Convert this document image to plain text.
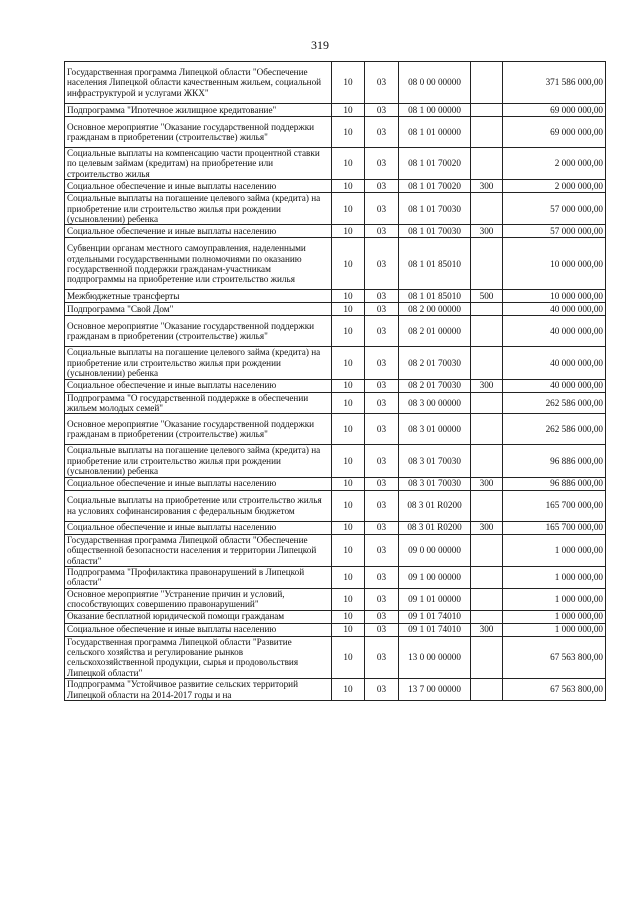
319
Государственная программа Липецкой области "Обеспечение населения Липецкой области качественным жильем, социальной инфраструктурой и услугами ЖКХ"	10	03	08 0 00 00000		371 586 000,00
Подпрограмма "Ипотечное жилищное кредитование"	10	03	08 1 00 00000		69 000 000,00
Основное мероприятие "Оказание государственной поддержки гражданам в приобретении (строительстве) жилья"	10	03	08 1 01 00000		69 000 000,00
Социальные выплаты на компенсацию части процентной ставки по целевым займам (кредитам) на приобретение или строительство жилья	10	03	08 1 01 70020		2 000 000,00
Социальное обеспечение и иные выплаты населению	10	03	08 1 01 70020	300	2 000 000,00
Социальные выплаты на погашение целевого займа (кредита) на приобретение или строительство жилья при рождении (усыновлении) ребенка	10	03	08 1 01 70030		57 000 000,00
Социальное обеспечение и иные выплаты населению	10	03	08 1 01 70030	300	57 000 000,00
Субвенции органам местного самоуправления, наделенными отдельными государственными полномочиями по оказанию государственной поддержки гражданам-участникам подпрограммы на приобретение или строительство жилья	10	03	08 1 01 85010		10 000 000,00
Межбюджетные трансферты	10	03	08 1 01 85010	500	10 000 000,00
Подпрограмма "Свой Дом"	10	03	08 2 00 00000		40 000 000,00
Основное мероприятие "Оказание государственной поддержки гражданам в приобретении (строительстве) жилья"	10	03	08 2 01 00000		40 000 000,00
Социальные выплаты на погашение целевого займа (кредита) на приобретение или строительство жилья при рождении (усыновлении) ребенка	10	03	08 2 01 70030		40 000 000,00
Социальное обеспечение и иные выплаты населению	10	03	08 2 01 70030	300	40 000 000,00
Подпрограмма "О государственной поддержке в обеспечении жильем молодых семей"	10	03	08 3 00 00000		262 586 000,00
Основное мероприятие "Оказание государственной поддержки гражданам в приобретении (строительстве) жилья"	10	03	08 3 01 00000		262 586 000,00
Социальные выплаты на погашение целевого займа (кредита) на приобретение или строительство жилья при рождении (усыновлении) ребенка	10	03	08 3 01 70030		96 886 000,00
Социальное обеспечение и иные выплаты населению	10	03	08 3 01 70030	300	96 886 000,00
Социальные выплаты на приобретение или строительство жилья на условиях софинансирования с федеральным бюджетом	10	03	08 3 01 R0200		165 700 000,00
Социальное обеспечение и иные выплаты населению	10	03	08 3 01 R0200	300	165 700 000,00
Государственная программа Липецкой области "Обеспечение общественной безопасности населения и территории Липецкой области"	10	03	09 0 00 00000		1 000 000,00
Подпрограмма "Профилактика правонарушений в Липецкой области"	10	03	09 1 00 00000		1 000 000,00
Основное мероприятие "Устранение причин и условий, способствующих совершению правонарушений"	10	03	09 1 01 00000		1 000 000,00
Оказание бесплатной юридической помощи гражданам	10	03	09 1 01 74010		1 000 000,00
Социальное обеспечение и иные выплаты населению	10	03	09 1 01 74010	300	1 000 000,00
Государственная программа Липецкой области "Развитие сельского хозяйства и регулирование рынков сельскохозяйственной продукции, сырья и продовольствия Липецкой области"	10	03	13 0 00 00000		67 563 800,00
Подпрограмма "Устойчивое развитие сельских территорий Липецкой области на 2014-2017 годы и на	10	03	13 7 00 00000		67 563 800,00
